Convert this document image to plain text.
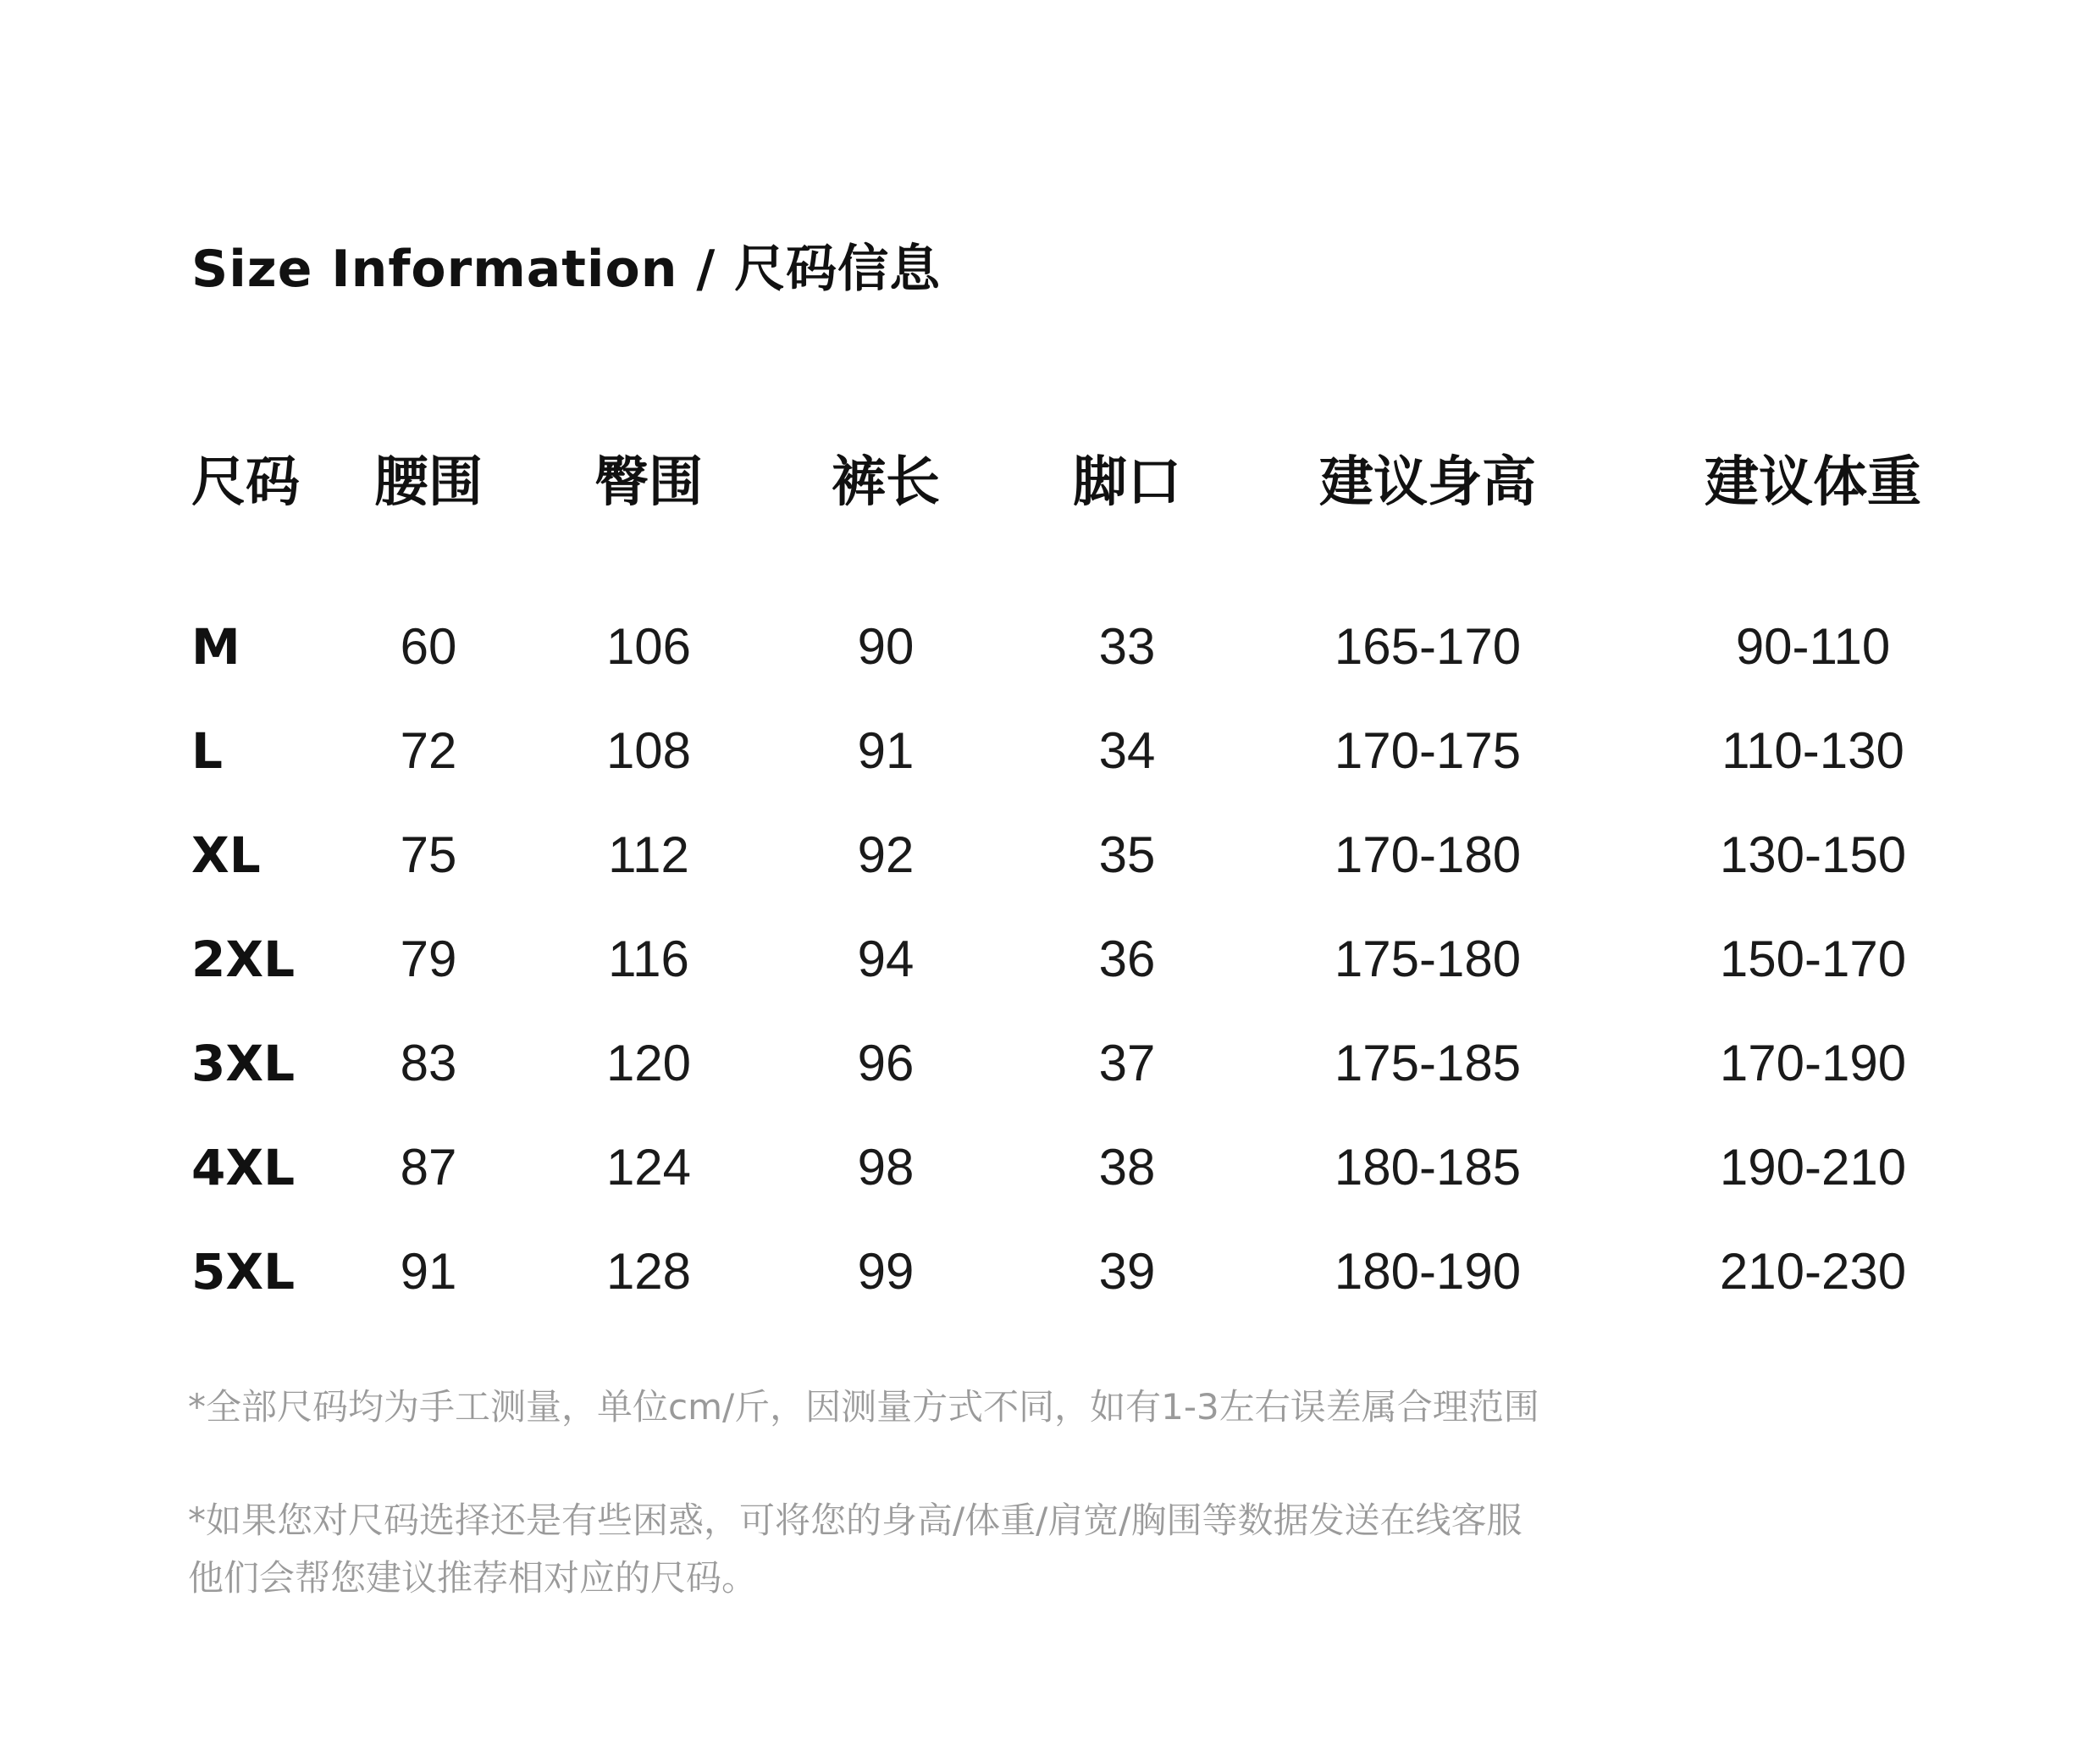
Size Information / 尺码信息
尺码	腰围	臀围	裤长	脚口	建议身高	建议体重

M	60	106	90	33	165-170	90-110
L	72	108	91	34	170-175	110-130
XL	75	112	92	35	170-180	130-150
2XL	79	116	94	36	175-180	150-170
3XL	83	120	96	37	175-185	170-190
4XL	87	124	98	38	180-185	190-210
5XL	91	128	99	39	180-190	210-230

*全部尺码均为手工测量，单位cm/斤，因测量方式不同，如有1-3左右误差属合理范围

*如果您对尺码选择还是有些困惑，可将您的身高/体重/肩宽/胸围等数据发送在线客服

他们会帮您建议推荐相对应的尺码。
